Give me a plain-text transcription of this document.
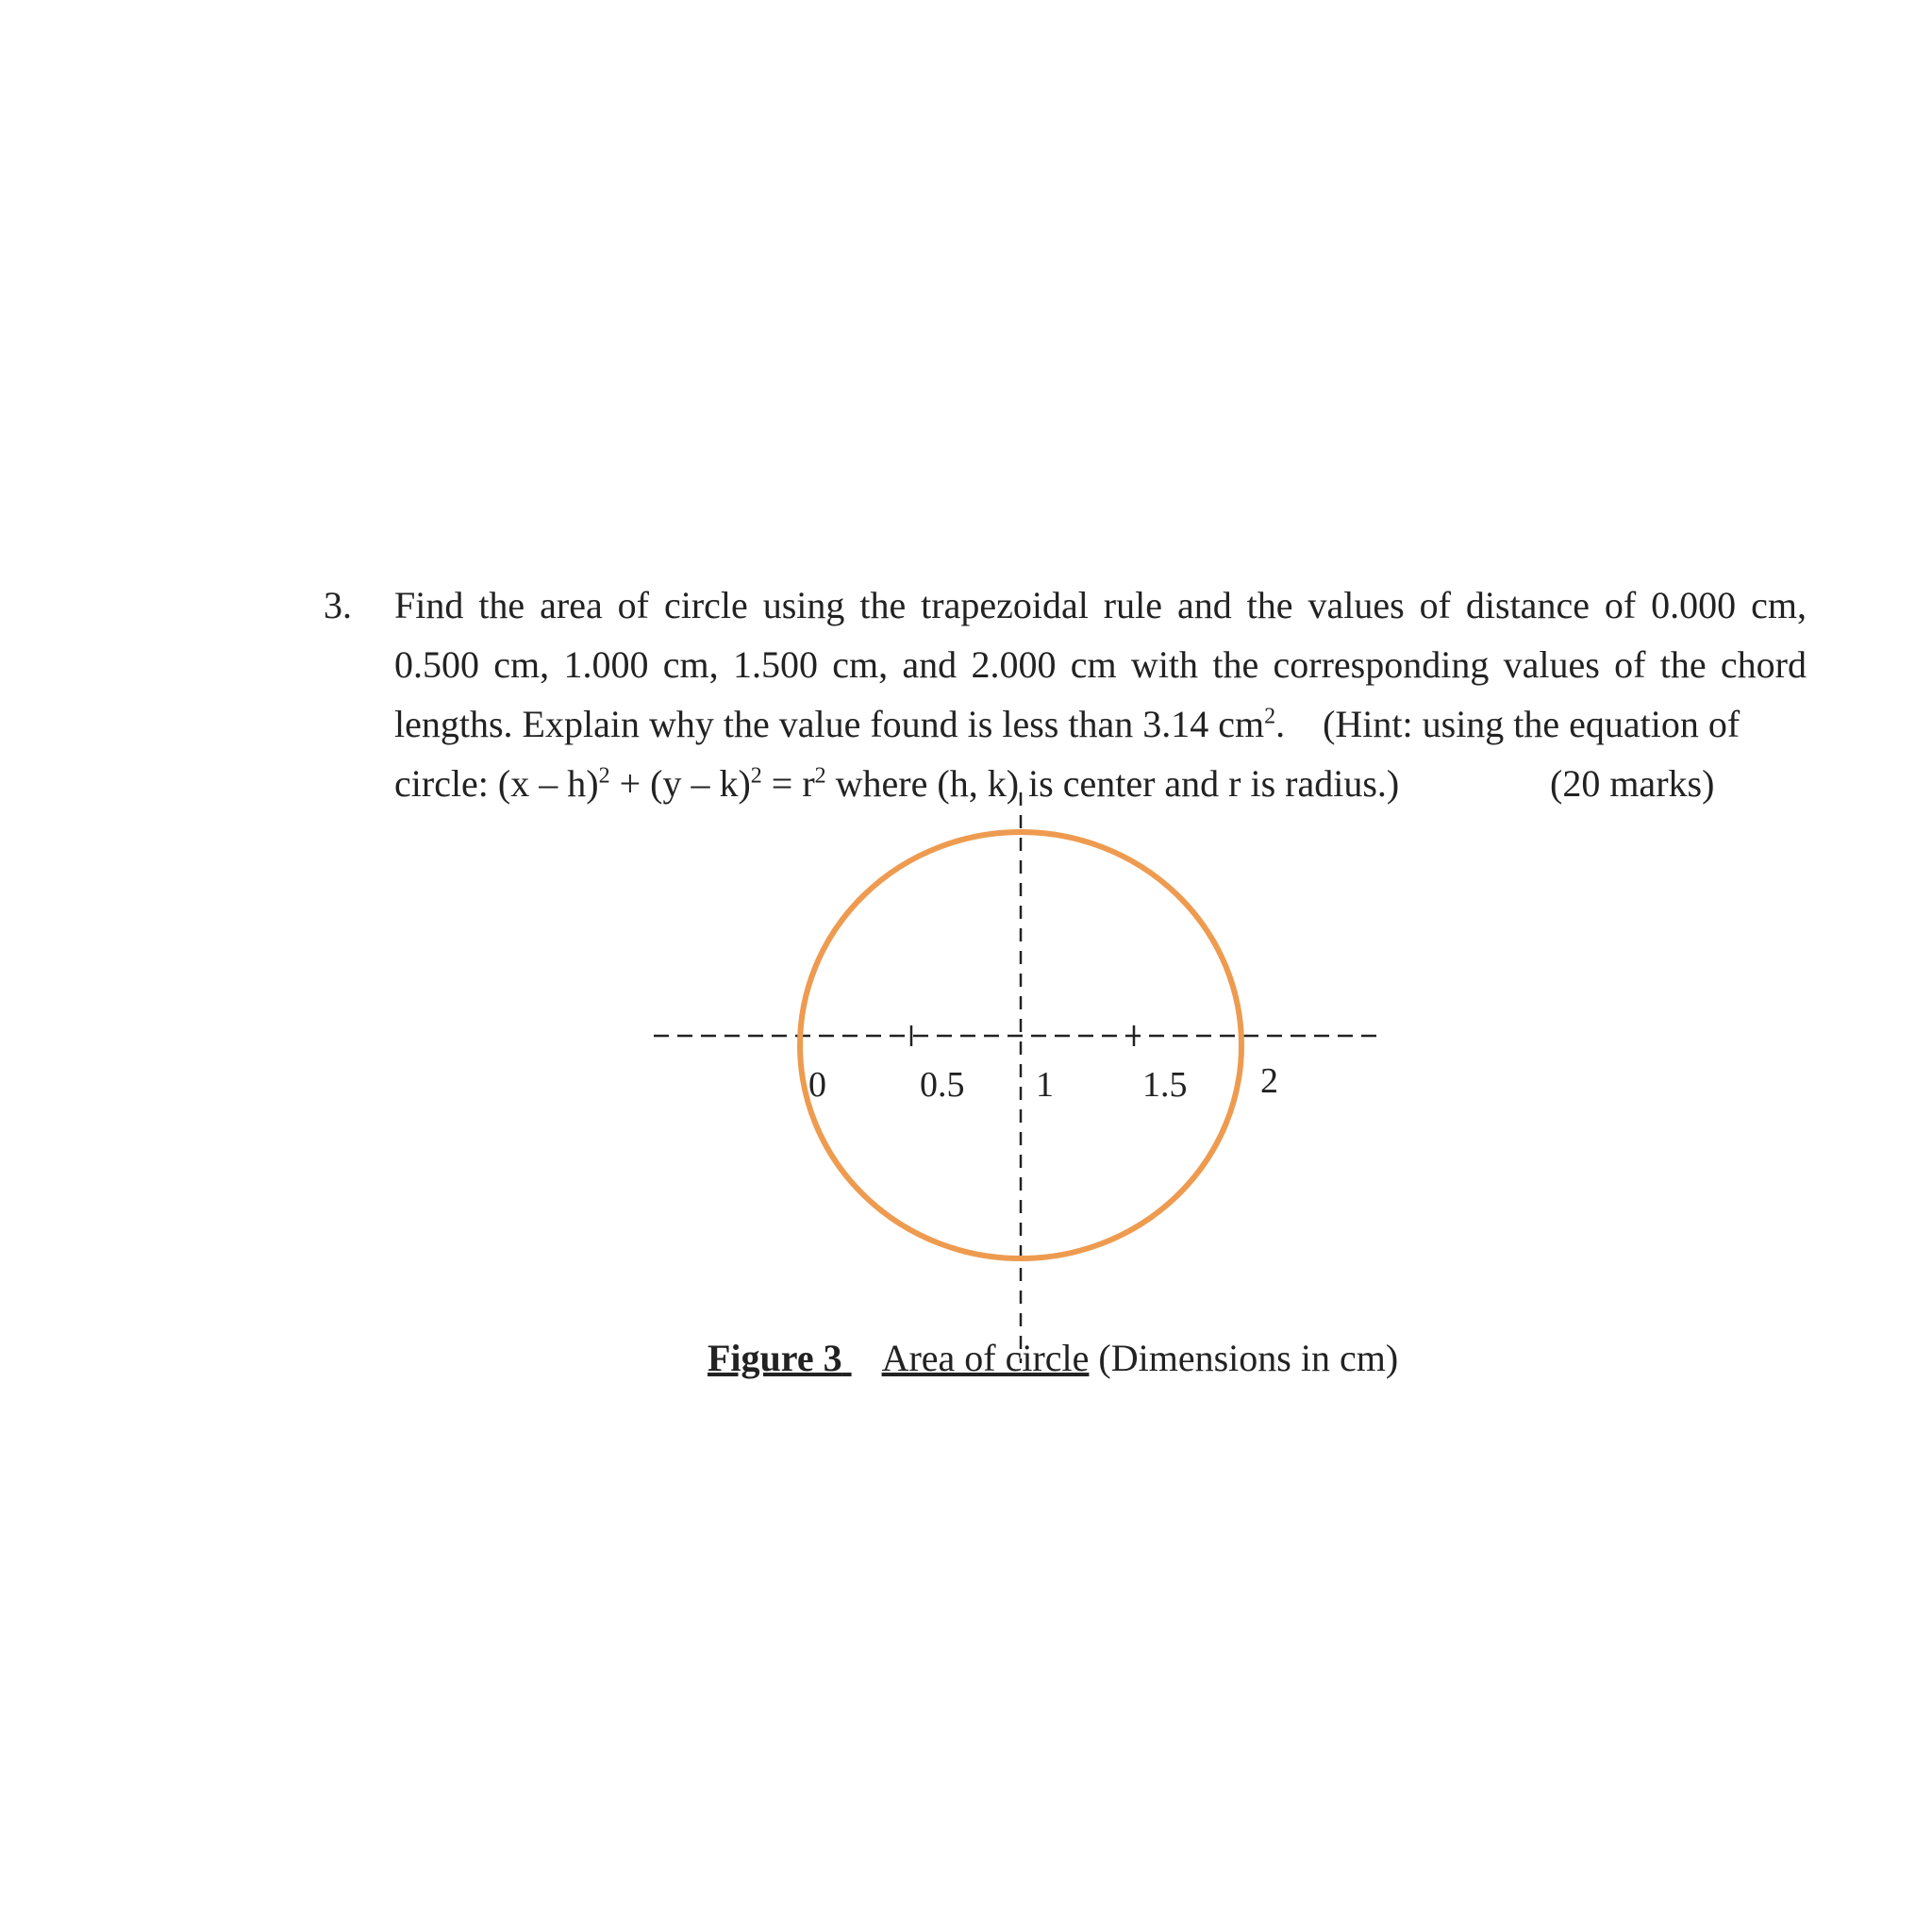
3. Find the area of circle using the trapezoidal rule and the values of distance of 0.000 cm,
0.500 cm, 1.000 cm, 1.500 cm, and 2.000 cm with the corresponding values of the chord
lengths. Explain why the value found is less than 3.14 $cm^2$.    (Hint: using the equation of
circle: $(x - h)^2 + (y - k)^2 = r^2$ where (h, k) is center and r is radius.)	(20 marks)
0	0.5 1 1.5 2
Figure 3 Area of circle (Dimensions in cm)
